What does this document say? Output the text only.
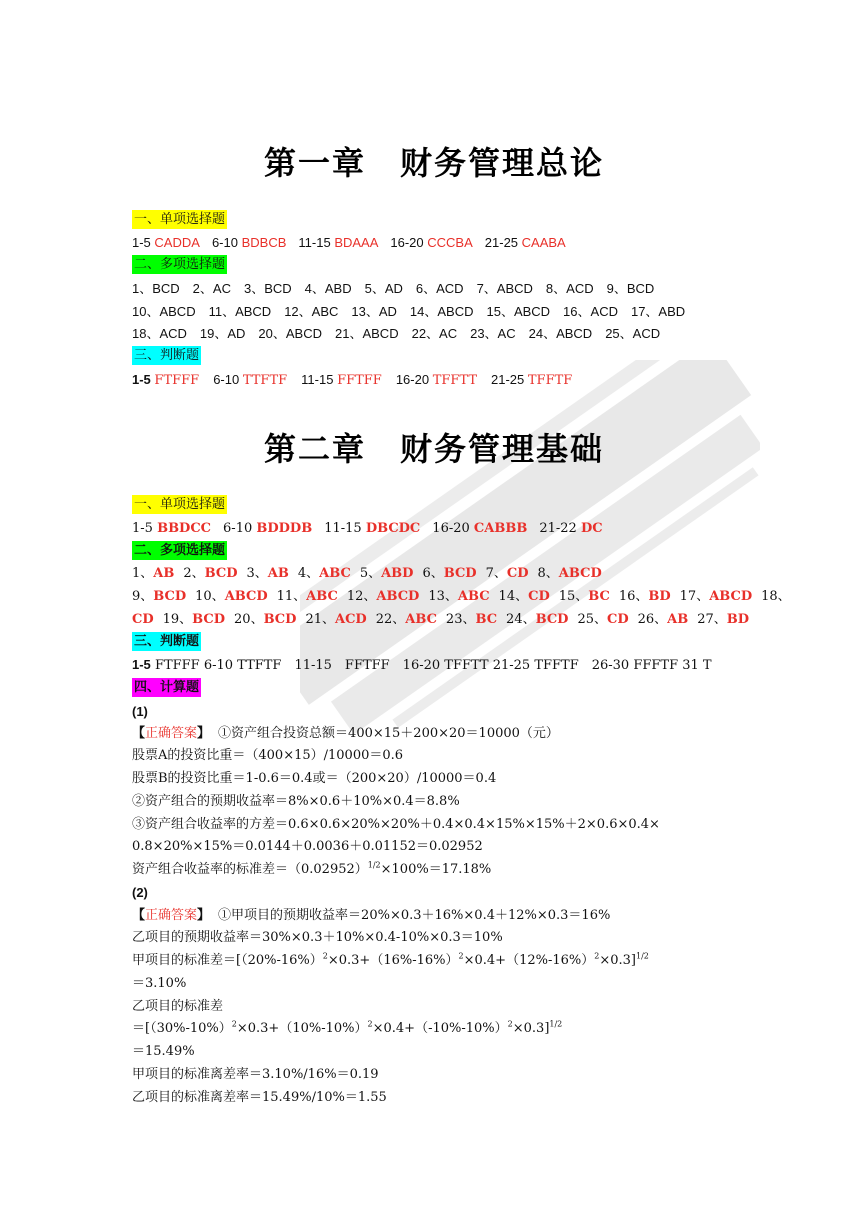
第一章　财务管理总论
一、单项选择题
1-5 CADDA 6-10 BDBCB 11-15 BDAAA 16-20 CCCBA 21-25 CAABA
二、多项选择题
1、BCD　2、AC　3、BCD　4、ABD　5、AD　6、ACD　7、ABCD　8、ACD　9、BCD
10、ABCD　11、ABCD　12、ABC　13、AD　14、ABCD　15、ABCD　16、ACD　17、ABD
18、ACD　19、AD　20、ABCD　21、ABCD　22、AC　23、AC　24、ABCD　25、ACD
三、判断题
1-5 FTFFF 6-10 TTFTF 11-15 FFTFF 16-20 TFFTT 21-25 TFFTF
第二章　财务管理基础
一、单项选择题
1-5 BBDCC 6-10 BDDDB 11-15 DBCDC 16-20 CABBB 21-22 DC
二、多项选择题
1、AB 2、BCD 3、AB 4、ABC 5、ABD 6、BCD 7、CD 8、ABCD
9、BCD 10、ABCD 11、ABC 12、ABCD 13、ABC 14、CD 15、BC 16、BD 17、ABCD 18、
CD 19、BCD 20、BCD 21、ACD 22、ABC 23、BC 24、BCD 25、CD 26、AB 27、BD
三、判断题
1-5 FTFFF 6-10 TTFTF　11-15　FFTFF　16-20 TFFTT 21-25 TFFTF　26-30 FFFTF 31 T
四、计算题
(1)
【正确答案】 ①资产组合投资总额＝400×15＋200×20＝10000（元）
股票A的投资比重＝（400×15）/10000＝0.6
股票B的投资比重＝1-0.6＝0.4或＝（200×20）/10000＝0.4
②资产组合的预期收益率＝8%×0.6＋10%×0.4＝8.8%
③资产组合收益率的方差＝0.6×0.6×20%×20%＋0.4×0.4×15%×15%＋2×0.6×0.4×
0.8×20%×15%＝0.0144＋0.0036＋0.01152＝0.02952
资产组合收益率的标准差$=(0.02952)^{1/2}\times 100\%=17.18\%$
(2)
【正确答案】 ①甲项目的预期收益率＝20%×0.3＋16%×0.4＋12%×0.3＝16%
乙项目的预期收益率＝30%×0.3＋10%×0.4-10%×0.3＝10%
甲项目的标准差$=[(20\%-16\%)^2\times 0.3+(16\%-16\%)^2\times 0.4+(12\%-16\%)^2\times 0.3]^{1/2}$
＝3.10%
乙项目的标准差
$=[(30\%-10\%)^2\times 0.3+(10\%-10\%)^2\times 0.4+(-10\%-10\%)^2\times 0.3]^{1/2}$
＝15.49%
甲项目的标准离差率＝3.10%/16%＝0.19
乙项目的标准离差率＝15.49%/10%＝1.55
